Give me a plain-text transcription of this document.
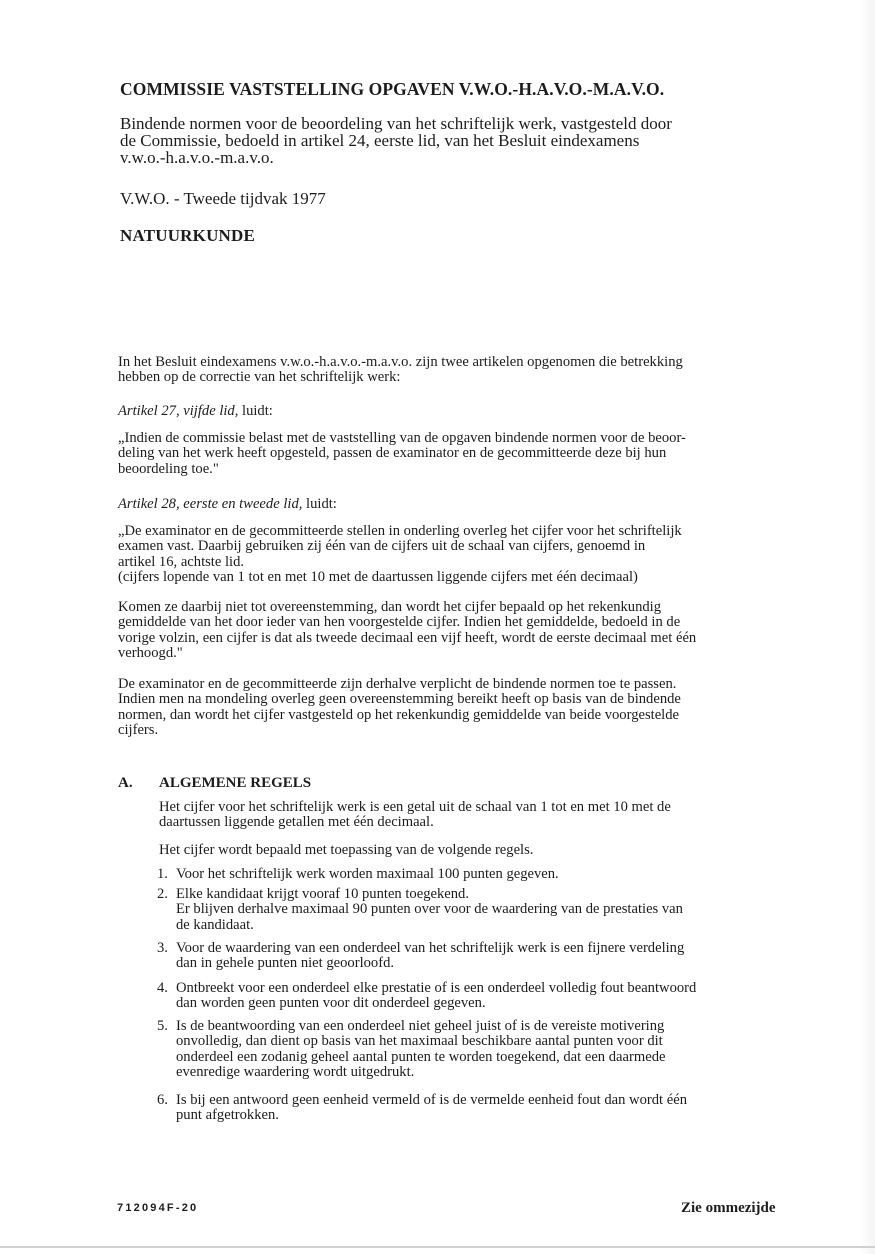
COMMISSIE VASTSTELLING OPGAVEN V.W.O.-H.A.V.O.-M.A.V.O.
Bindende normen voor de beoordeling van het schriftelijk werk, vastgesteld door
de Commissie, bedoeld in artikel 24, eerste lid, van het Besluit eindexamens
v.w.o.-h.a.v.o.-m.a.v.o.
V.W.O. - Tweede tijdvak 1977
NATUURKUNDE
In het Besluit eindexamens v.w.o.-h.a.v.o.-m.a.v.o. zijn twee artikelen opgenomen die betrekking
hebben op de correctie van het schriftelijk werk:
Artikel 27, vijfde lid, luidt:
„Indien de commissie belast met de vaststelling van de opgaven bindende normen voor de beoor-
deling van het werk heeft opgesteld, passen de examinator en de gecommitteerde deze bij hun
beoordeling toe."
Artikel 28, eerste en tweede lid, luidt:
„De examinator en de gecommitteerde stellen in onderling overleg het cijfer voor het schriftelijk
examen vast. Daarbij gebruiken zij één van de cijfers uit de schaal van cijfers, genoemd in
artikel 16, achtste lid.
(cijfers lopende van 1 tot en met 10 met de daartussen liggende cijfers met één decimaal)
Komen ze daarbij niet tot overeenstemming, dan wordt het cijfer bepaald op het rekenkundig
gemiddelde van het door ieder van hen voorgestelde cijfer. Indien het gemiddelde, bedoeld in de
vorige volzin, een cijfer is dat als tweede decimaal een vijf heeft, wordt de eerste decimaal met één
verhoogd."
De examinator en de gecommitteerde zijn derhalve verplicht de bindende normen toe te passen.
Indien men na mondeling overleg geen overeenstemming bereikt heeft op basis van de bindende
normen, dan wordt het cijfer vastgesteld op het rekenkundig gemiddelde van beide voorgestelde
cijfers.
A. ALGEMENE REGELS
Het cijfer voor het schriftelijk werk is een getal uit de schaal van 1 tot en met 10 met de
daartussen liggende getallen met één decimaal.
Het cijfer wordt bepaald met toepassing van de volgende regels.
1. Voor het schriftelijk werk worden maximaal 100 punten gegeven.
2. Elke kandidaat krijgt vooraf 10 punten toegekend.
Er blijven derhalve maximaal 90 punten over voor de waardering van de prestaties van
de kandidaat.
3. Voor de waardering van een onderdeel van het schriftelijk werk is een fijnere verdeling
dan in gehele punten niet geoorloofd.
4. Ontbreekt voor een onderdeel elke prestatie of is een onderdeel volledig fout beantwoord
dan worden geen punten voor dit onderdeel gegeven.
5. Is de beantwoording van een onderdeel niet geheel juist of is de vereiste motivering
onvolledig, dan dient op basis van het maximaal beschikbare aantal punten voor dit
onderdeel een zodanig geheel aantal punten te worden toegekend, dat een daarmede
evenredige waardering wordt uitgedrukt.
6. Is bij een antwoord geen eenheid vermeld of is de vermelde eenheid fout dan wordt één
punt afgetrokken.
712094F-20	Zie ommezijde
